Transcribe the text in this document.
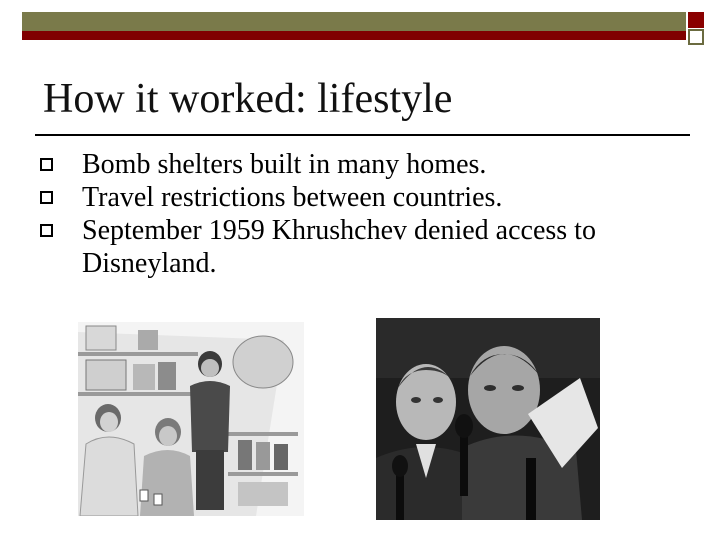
How it worked: lifestyle
Bomb shelters built in many homes.
Travel restrictions between countries.
September 1959 Khrushchev denied access to Disneyland.
